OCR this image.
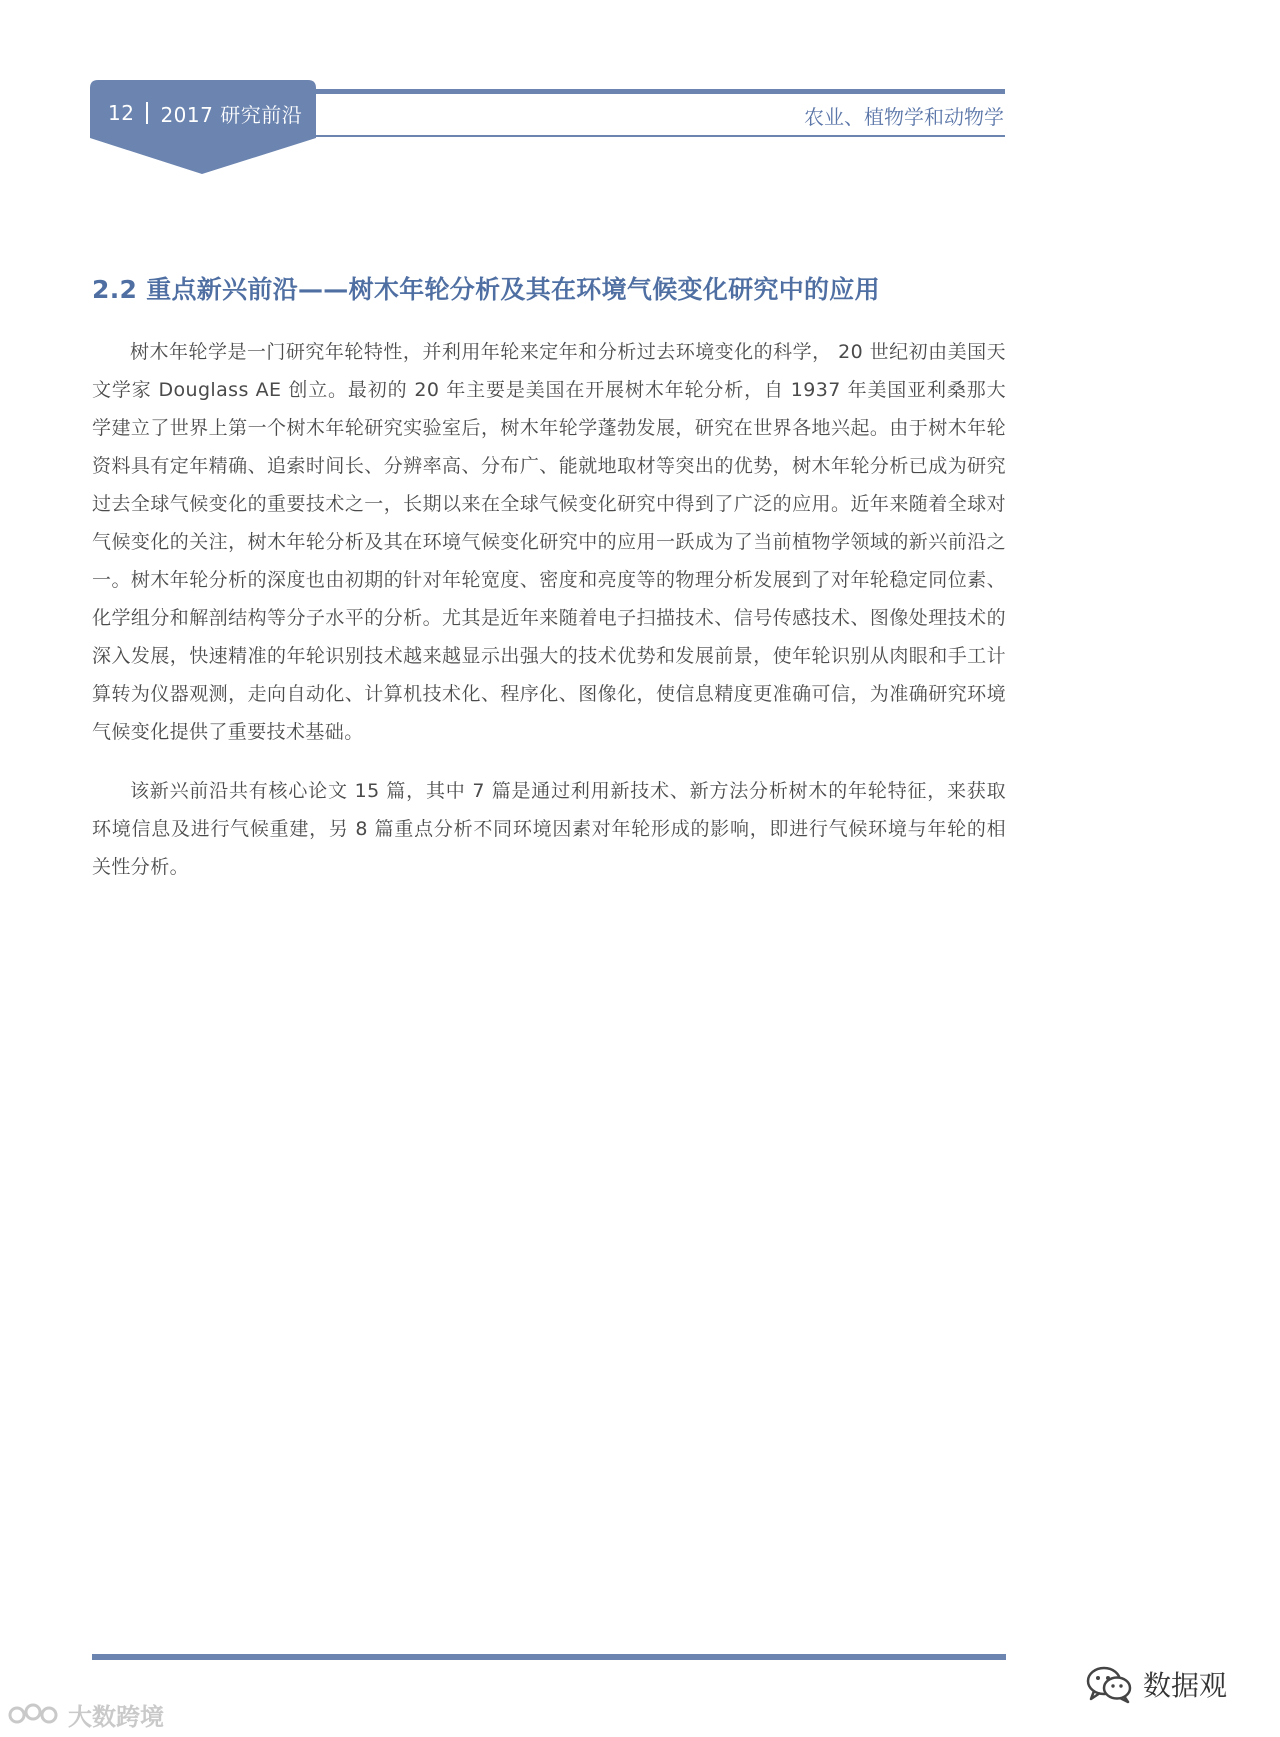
12 2017 研究前沿	农业、植物学和动物学
2.2 重点新兴前沿——树木年轮分析及其在环境气候变化研究中的应用

树木年轮学是一门研究年轮特性，并利用年轮来定年和分析过去环境变化的科学， 20 世纪初由美国天文学家 Douglass AE 创立。最初的 20 年主要是美国在开展树木年轮分析，自 1937 年美国亚利桑那大学建立了世界上第一个树木年轮研究实验室后，树木年轮学蓬勃发展，研究在世界各地兴起。由于树木年轮资料具有定年精确、追索时间长、分辨率高、分布广、能就地取材等突出的优势，树木年轮分析已成为研究过去全球气候变化的重要技术之一，长期以来在全球气候变化研究中得到了广泛的应用。近年来随着全球对气候变化的关注，树木年轮分析及其在环境气候变化研究中的应用一跃成为了当前植物学领域的新兴前沿之一。树木年轮分析的深度也由初期的针对年轮宽度、密度和亮度等的物理分析发展到了对年轮稳定同位素、化学组分和解剖结构等分子水平的分析。尤其是近年来随着电子扫描技术、信号传感技术、图像处理技术的深入发展，快速精准的年轮识别技术越来越显示出强大的技术优势和发展前景，使年轮识别从肉眼和手工计算转为仪器观测，走向自动化、计算机技术化、程序化、图像化，使信息精度更准确可信，为准确研究环境气候变化提供了重要技术基础。

该新兴前沿共有核心论文 15 篇，其中 7 篇是通过利用新技术、新方法分析树木的年轮特征，来获取环境信息及进行气候重建，另 8 篇重点分析不同环境因素对年轮形成的影响，即进行气候环境与年轮的相关性分析。

数据观
大数跨境
